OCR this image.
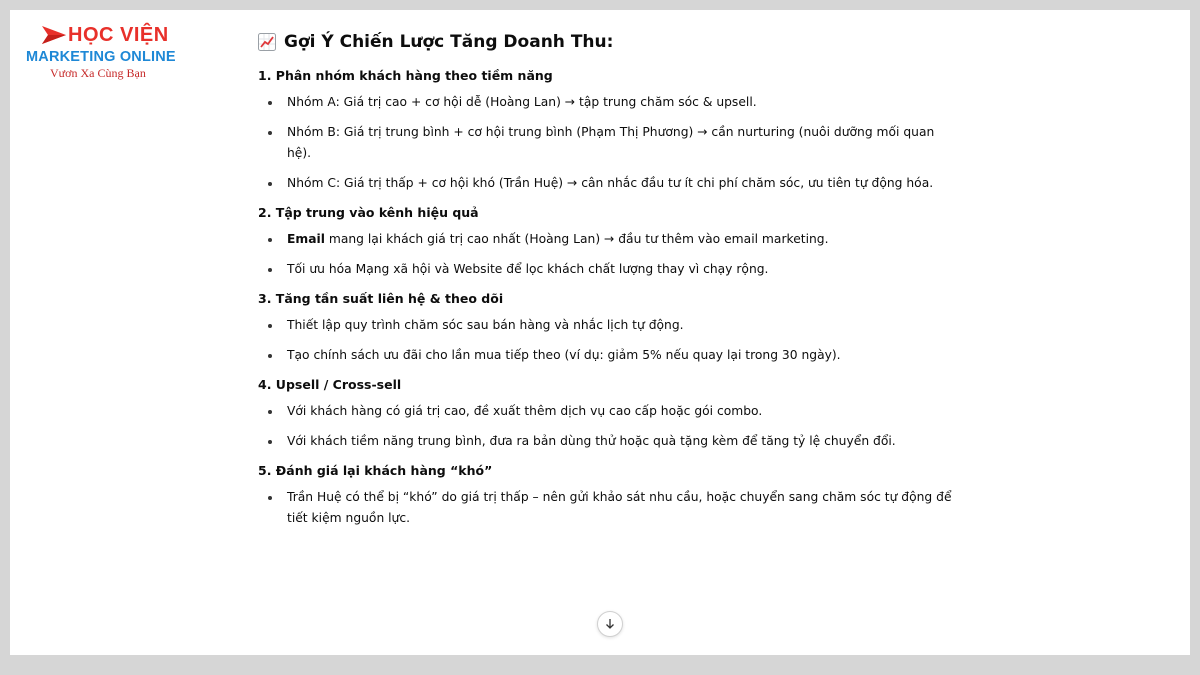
HỌC VIỆN
MARKETING ONLINE
Vươn Xa Cùng Bạn
Gợi Ý Chiến Lược Tăng Doanh Thu:
1. Phân nhóm khách hàng theo tiềm năng
Nhóm A: Giá trị cao + cơ hội dễ (Hoàng Lan) → tập trung chăm sóc & upsell.
Nhóm B: Giá trị trung bình + cơ hội trung bình (Phạm Thị Phương) → cần nurturing (nuôi dưỡng mối quan hệ).
Nhóm C: Giá trị thấp + cơ hội khó (Trần Huệ) → cân nhắc đầu tư ít chi phí chăm sóc, ưu tiên tự động hóa.
2. Tập trung vào kênh hiệu quả
Email mang lại khách giá trị cao nhất (Hoàng Lan) → đầu tư thêm vào email marketing.
Tối ưu hóa Mạng xã hội và Website để lọc khách chất lượng thay vì chạy rộng.
3. Tăng tần suất liên hệ & theo dõi
Thiết lập quy trình chăm sóc sau bán hàng và nhắc lịch tự động.
Tạo chính sách ưu đãi cho lần mua tiếp theo (ví dụ: giảm 5% nếu quay lại trong 30 ngày).
4. Upsell / Cross-sell
Với khách hàng có giá trị cao, đề xuất thêm dịch vụ cao cấp hoặc gói combo.
Với khách tiềm năng trung bình, đưa ra bản dùng thử hoặc quà tặng kèm để tăng tỷ lệ chuyển đổi.
5. Đánh giá lại khách hàng “khó”
Trần Huệ có thể bị “khó” do giá trị thấp – nên gửi khảo sát nhu cầu, hoặc chuyển sang chăm sóc tự động để tiết kiệm nguồn lực.
